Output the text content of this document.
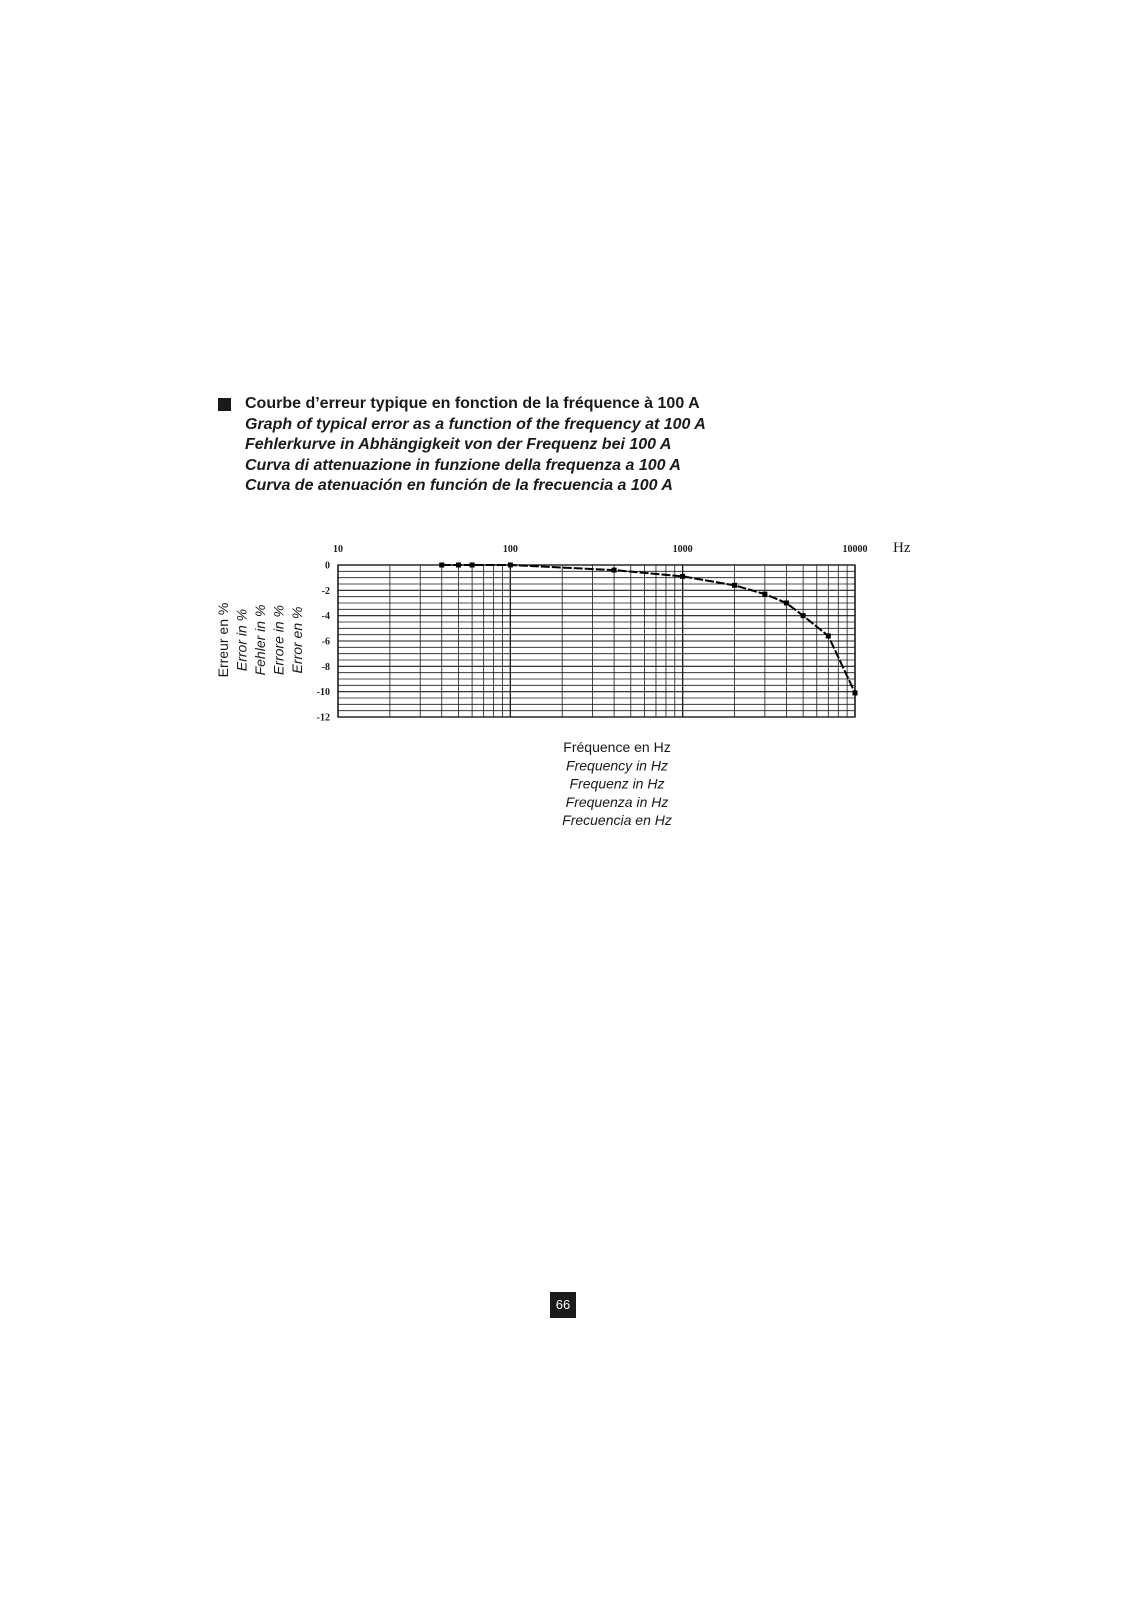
Courbe d’erreur typique en fonction de la fréquence à 100 A
Graph of typical error as a function of the frequency at 100 A
Fehlerkurve in Abhängigkeit von der Frequenz bei 100 A
Curva di attenuazione in funzione della frequenza a 100 A
Curva de atenuación en función de la frecuencia a 100 A
10	100	1000	10000 Hz
0
-2
-4
-6
-8
-10
-12
Erreur en % Error in % Fehler in % Errore in % Error en %
Fréquence en Hz
Frequency in Hz
Frequenz in Hz
Frequenza in Hz
Frecuencia en Hz
66
